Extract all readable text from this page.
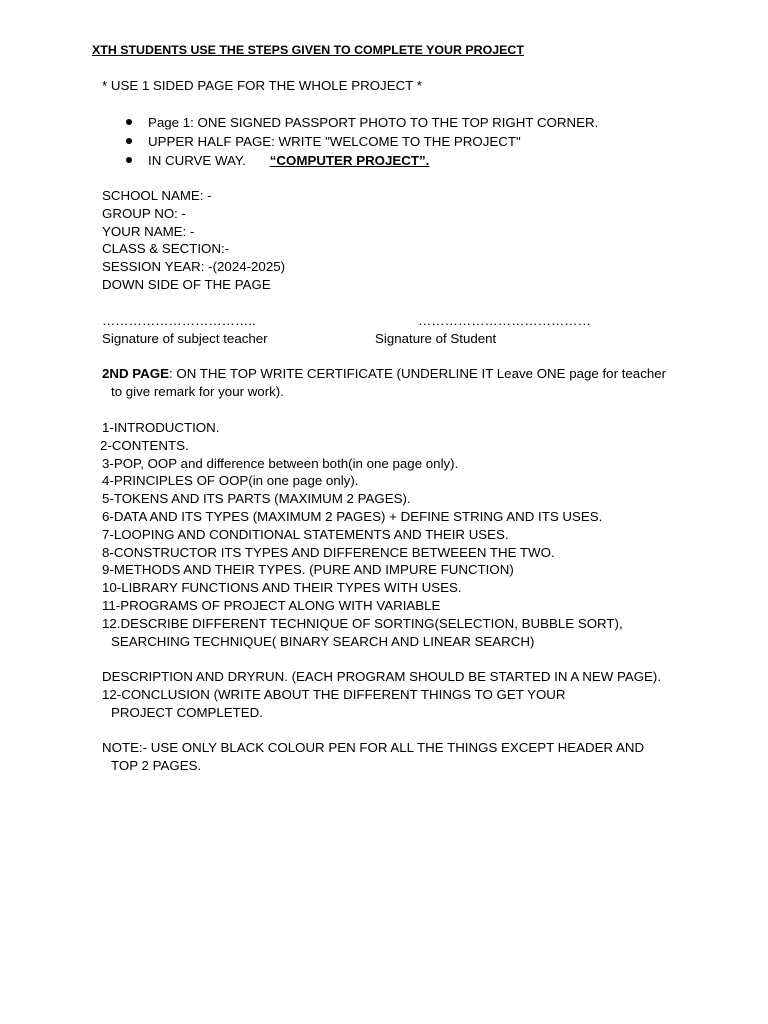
XTH STUDENTS USE THE STEPS GIVEN TO COMPLETE YOUR PROJECT
* USE 1 SIDED PAGE FOR THE WHOLE PROJECT *
Page 1: ONE SIGNED PASSPORT PHOTO TO THE TOP RIGHT CORNER.
UPPER HALF PAGE: WRITE "WELCOME TO THE PROJECT"
IN CURVE WAY. “COMPUTER PROJECT”.
SCHOOL NAME: -
GROUP NO: -
YOUR NAME: -
CLASS & SECTION:-
SESSION YEAR: -(2024-2025)
DOWN SIDE OF THE PAGE
……………………………..	…………………………………
Signature of subject teacher	Signature of Student
2ND PAGE: ON THE TOP WRITE CERTIFICATE (UNDERLINE IT Leave ONE page for teacher to give remark for your work).
1-INTRODUCTION.
2-CONTENTS.
3-POP, OOP and difference between both(in one page only).
4-PRINCIPLES OF OOP(in one page only).
5-TOKENS AND ITS PARTS (MAXIMUM 2 PAGES).
6-DATA AND ITS TYPES (MAXIMUM 2 PAGES) + DEFINE STRING AND ITS USES.
7-LOOPING AND CONDITIONAL STATEMENTS AND THEIR USES.
8-CONSTRUCTOR ITS TYPES AND DIFFERENCE BETWEEEN THE TWO.
9-METHODS AND THEIR TYPES. (PURE AND IMPURE FUNCTION)
10-LIBRARY FUNCTIONS AND THEIR TYPES WITH USES.
11-PROGRAMS OF PROJECT ALONG WITH VARIABLE
12.DESCRIBE DIFFERENT TECHNIQUE OF SORTING(SELECTION, BUBBLE SORT), SEARCHING TECHNIQUE( BINARY SEARCH AND LINEAR SEARCH)
DESCRIPTION AND DRYRUN. (EACH PROGRAM SHOULD BE STARTED IN A NEW PAGE).
12-CONCLUSION (WRITE ABOUT THE DIFFERENT THINGS TO GET YOUR PROJECT COMPLETED.
NOTE:- USE ONLY BLACK COLOUR PEN FOR ALL THE THINGS EXCEPT HEADER AND TOP 2 PAGES.
